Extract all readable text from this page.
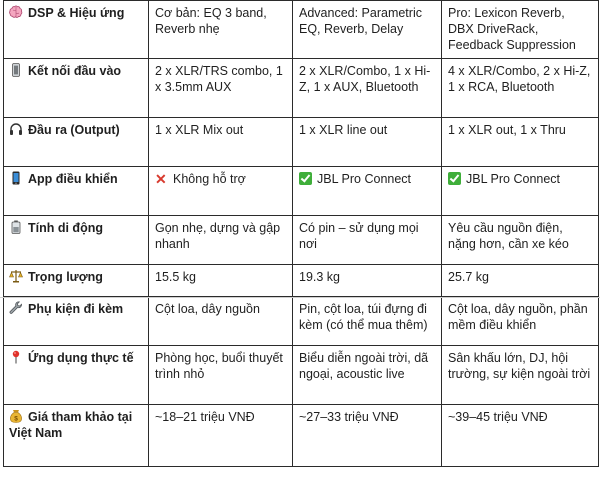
DSP & Hiệu ứng	Cơ bản: EQ 3 band, Reverb nhẹ	Advanced: Parametric EQ, Reverb, Delay	Pro: Lexicon Reverb, DBX DriveRack, Feedback Suppression

Kết nối đầu vào	2 x XLR/TRS combo, 1 x 3.5mm AUX	2 x XLR/Combo, 1 x Hi-Z, 1 x AUX, Bluetooth	4 x XLR/Combo, 2 x Hi-Z, 1 x RCA, Bluetooth

Đầu ra (Output)	1 x XLR Mix out	1 x XLR line out	1 x XLR out, 1 x Thru

App điều khiển	✕ Không hỗ trợ	JBL Pro Connect	JBL Pro Connect

Tính di động	Gọn nhẹ, dựng và gập nhanh	Có pin – sử dụng mọi nơi	Yêu cầu nguồn điện, nặng hơn, cần xe kéo

Trọng lượng	15.5 kg	19.3 kg	25.7 kg

Phụ kiện đi kèm	Cột loa, dây nguồn	Pin, cột loa, túi đựng đi kèm (có thể mua thêm)	Cột loa, dây nguồn, phần mềm điều khiển

Ứng dụng thực tế	Phòng học, buổi thuyết trình nhỏ	Biểu diễn ngoài trời, dã ngoại, acoustic live	Sân khấu lớn, DJ, hội trường, sự kiện ngoài trời

$ Giá tham khảo tại Việt Nam	~18–21 triệu VNĐ	~27–33 triệu VNĐ	~39–45 triệu VNĐ
